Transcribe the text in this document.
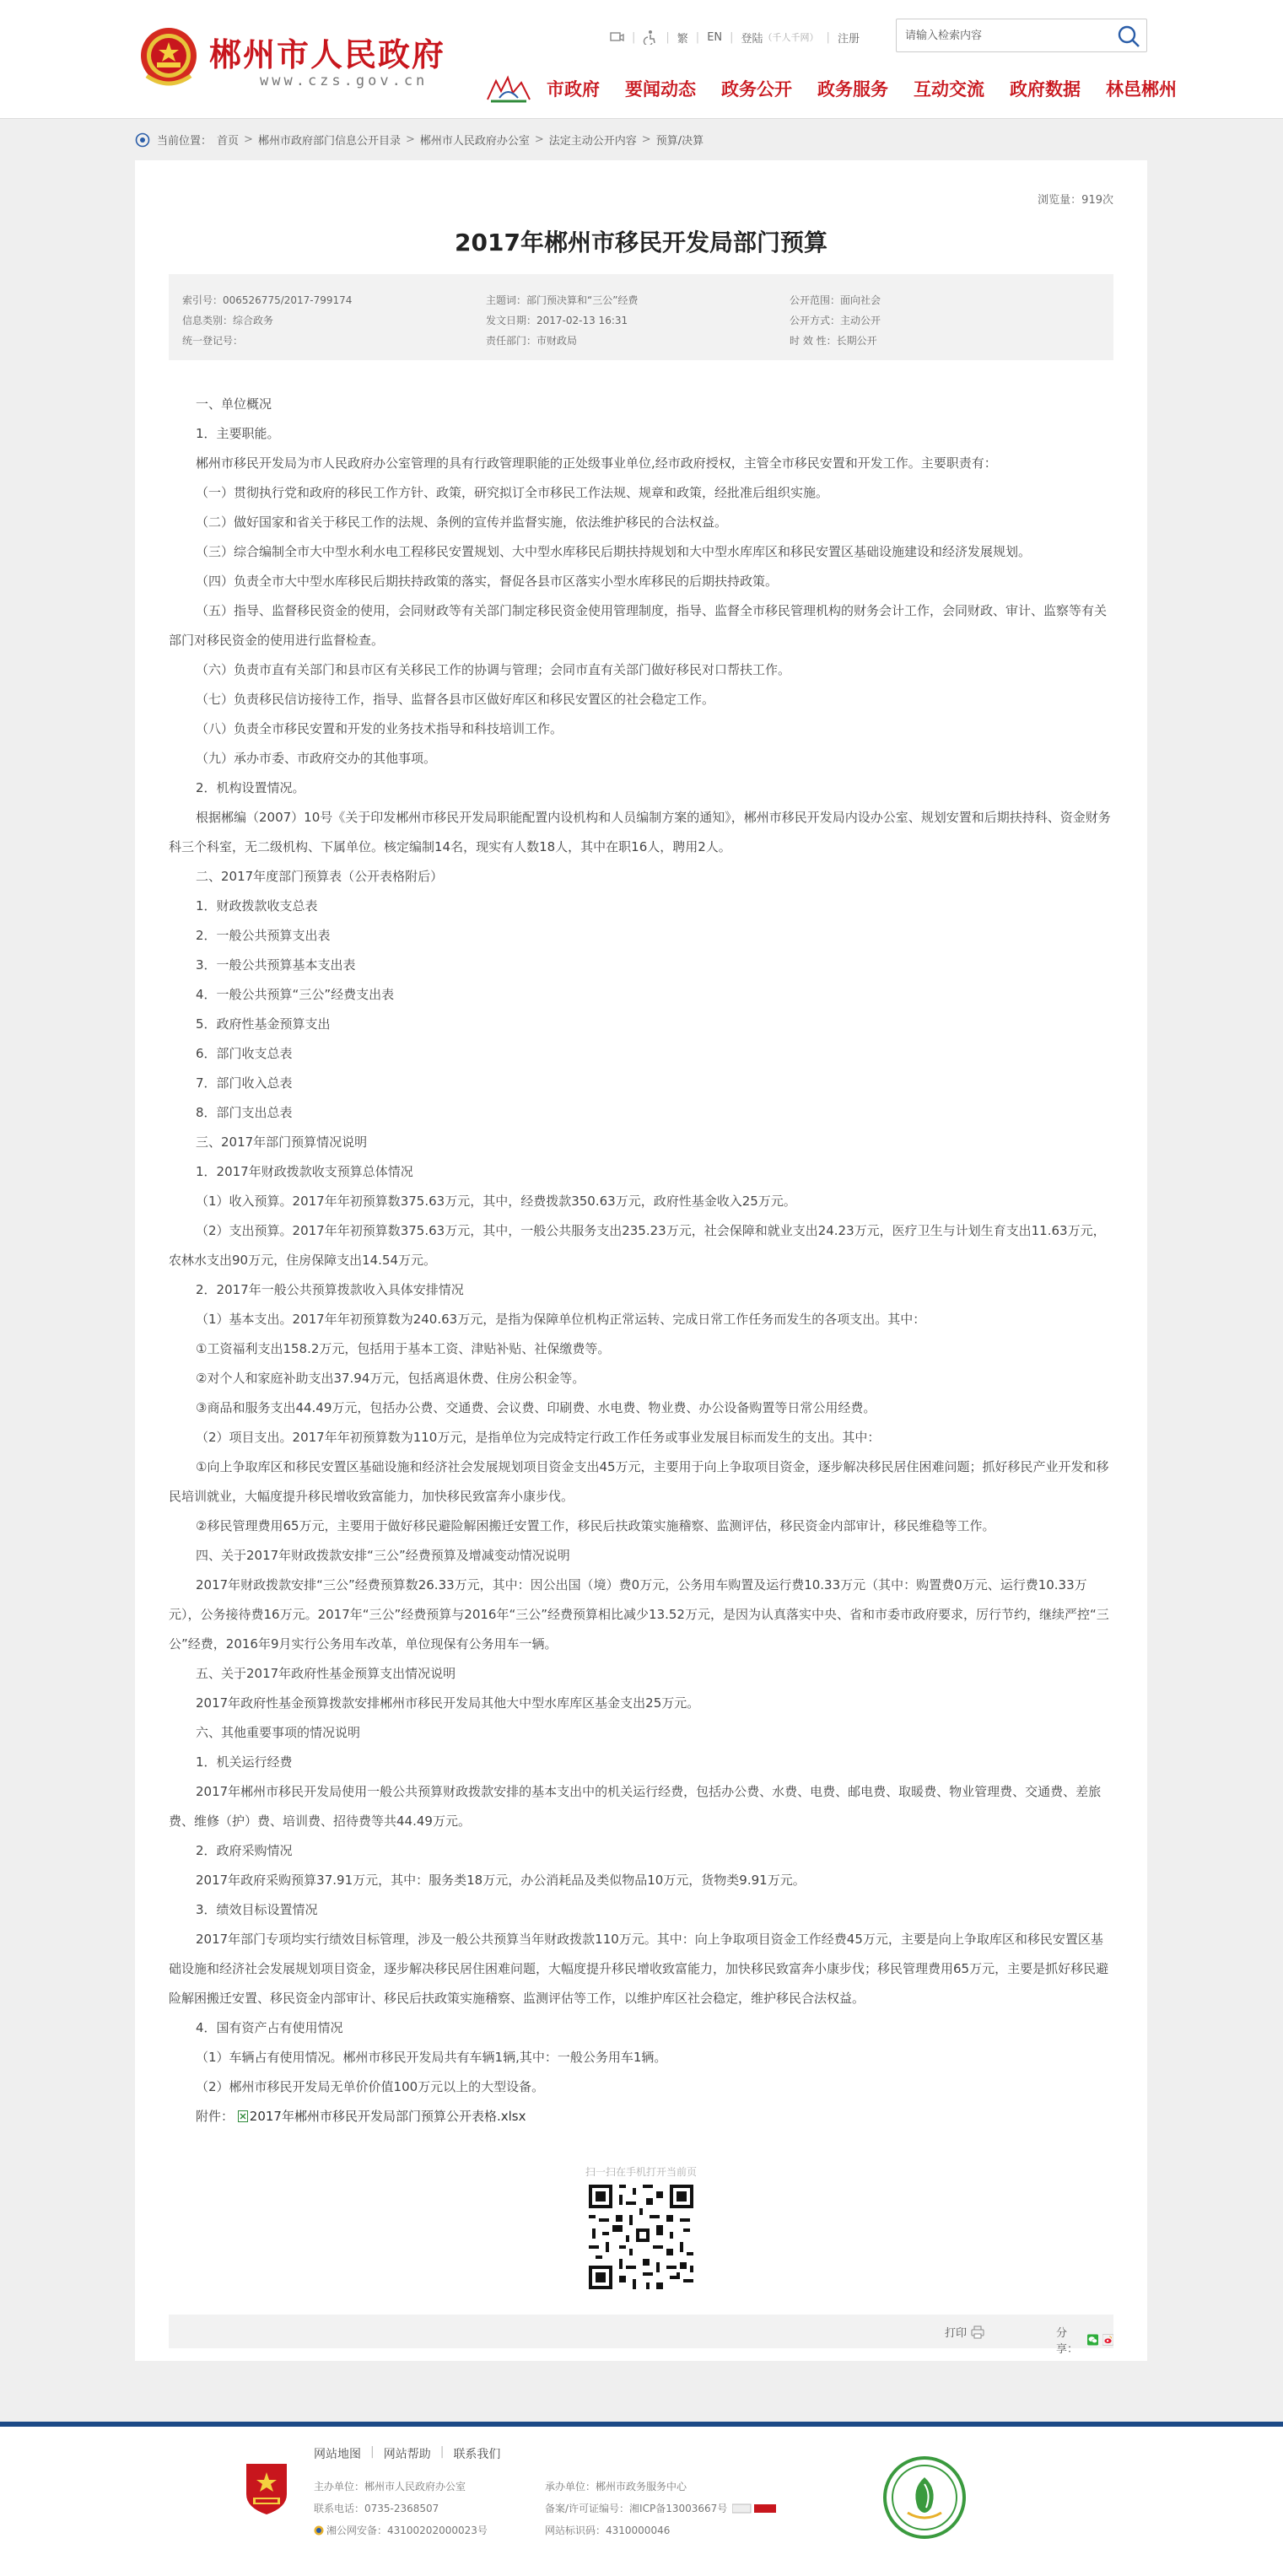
郴州市人民政府
www.czs.gov.cn
|	| 繁 | EN | 登陆 （千人千网） | 注册
请输入检索内容
市政府 要闻动态 政务公开 政务服务 互动交流 政府数据 林邑郴州
当前位置： 首页 > 郴州市政府部门信息公开目录 > 郴州市人民政府办公室 > 法定主动公开内容 > 预算/决算
浏览量：919次
2017年郴州市移民开发局部门预算
索引号：006526775/2017-799174
信息类别：综合政务
统一登记号：
主题词：部门预决算和“三公”经费
发文日期：2017-02-13 16:31
责任部门：市财政局
公开范围：面向社会
公开方式：主动公开
时 效 性：长期公开

一、单位概况

1．主要职能。

郴州市移民开发局为市人民政府办公室管理的具有行政管理职能的正处级事业单位,经市政府授权，主管全市移民安置和开发工作。主要职责有：

（一）贯彻执行党和政府的移民工作方针、政策，研究拟订全市移民工作法规、规章和政策，经批准后组织实施。

（二）做好国家和省关于移民工作的法规、条例的宣传并监督实施，依法维护移民的合法权益。

（三）综合编制全市大中型水利水电工程移民安置规划、大中型水库移民后期扶持规划和大中型水库库区和移民安置区基础设施建设和经济发展规划。

（四）负责全市大中型水库移民后期扶持政策的落实，督促各县市区落实小型水库移民的后期扶持政策。

（五）指导、监督移民资金的使用，会同财政等有关部门制定移民资金使用管理制度，指导、监督全市移民管理机构的财务会计工作，会同财政、审计、监察等有关部门对移民资金的使用进行监督检查。

（六）负责市直有关部门和县市区有关移民工作的协调与管理；会同市直有关部门做好移民对口帮扶工作。

（七）负责移民信访接待工作，指导、监督各县市区做好库区和移民安置区的社会稳定工作。

（八）负责全市移民安置和开发的业务技术指导和科技培训工作。

（九）承办市委、市政府交办的其他事项。

2．机构设置情况。

根据郴编（2007）10号《关于印发郴州市移民开发局职能配置内设机构和人员编制方案的通知》，郴州市移民开发局内设办公室、规划安置和后期扶持科、资金财务科三个科室，无二级机构、下属单位。核定编制14名，现实有人数18人，其中在职16人，聘用2人。

二、2017年度部门预算表（公开表格附后）

1．财政拨款收支总表

2．一般公共预算支出表

3．一般公共预算基本支出表

4．一般公共预算“三公”经费支出表

5．政府性基金预算支出

6．部门收支总表

7．部门收入总表

8．部门支出总表

三、2017年部门预算情况说明

1．2017年财政拨款收支预算总体情况

（1）收入预算。2017年年初预算数375.63万元，其中，经费拨款350.63万元，政府性基金收入25万元。

（2）支出预算。2017年年初预算数375.63万元，其中，一般公共服务支出235.23万元，社会保障和就业支出24.23万元，医疗卫生与计划生育支出11.63万元，农林水支出90万元，住房保障支出14.54万元。

2．2017年一般公共预算拨款收入具体安排情况

（1）基本支出。2017年年初预算数为240.63万元，是指为保障单位机构正常运转、完成日常工作任务而发生的各项支出。其中：

①工资福利支出158.2万元，包括用于基本工资、津贴补贴、社保缴费等。

②对个人和家庭补助支出37.94万元，包括离退休费、住房公积金等。

③商品和服务支出44.49万元，包括办公费、交通费、会议费、印刷费、水电费、物业费、办公设备购置等日常公用经费。

（2）项目支出。2017年年初预算数为110万元，是指单位为完成特定行政工作任务或事业发展目标而发生的支出。其中：

①向上争取库区和移民安置区基础设施和经济社会发展规划项目资金支出45万元，主要用于向上争取项目资金，逐步解决移民居住困难问题；抓好移民产业开发和移民培训就业，大幅度提升移民增收致富能力，加快移民致富奔小康步伐。

②移民管理费用65万元，主要用于做好移民避险解困搬迁安置工作，移民后扶政策实施稽察、监测评估，移民资金内部审计，移民维稳等工作。

四、关于2017年财政拨款安排“三公”经费预算及增减变动情况说明

2017年财政拨款安排“三公”经费预算数26.33万元，其中：因公出国（境）费0万元，公务用车购置及运行费10.33万元（其中：购置费0万元、运行费10.33万元），公务接待费16万元。2017年“三公”经费预算与2016年“三公”经费预算相比减少13.52万元，是因为认真落实中央、省和市委市政府要求，厉行节约，继续严控“三公”经费，2016年9月实行公务用车改革，单位现保有公务用车一辆。

五、关于2017年政府性基金预算支出情况说明

2017年政府性基金预算拨款安排郴州市移民开发局其他大中型水库库区基金支出25万元。

六、其他重要事项的情况说明

1．机关运行经费

2017年郴州市移民开发局使用一般公共预算财政拨款安排的基本支出中的机关运行经费，包括办公费、水费、电费、邮电费、取暖费、物业管理费、交通费、差旅费、维修（护）费、培训费、招待费等共44.49万元。

2．政府采购情况

2017年政府采购预算37.91万元，其中：服务类18万元，办公消耗品及类似物品10万元，货物类9.91万元。

3．绩效目标设置情况

2017年部门专项均实行绩效目标管理，涉及一般公共预算当年财政拨款110万元。其中：向上争取项目资金工作经费45万元，主要是向上争取库区和移民安置区基础设施和经济社会发展规划项目资金，逐步解决移民居住困难问题，大幅度提升移民增收致富能力，加快移民致富奔小康步伐；移民管理费用65万元，主要是抓好移民避险解困搬迁安置、移民资金内部审计、移民后扶政策实施稽察、监测评估等工作，以维护库区社会稳定，维护移民合法权益。

4．国有资产占有使用情况

（1）车辆占有使用情况。郴州市移民开发局共有车辆1辆,其中：一般公务用车1辆。

（2）郴州市移民开发局无单价价值100万元以上的大型设备。

附件： 2017年郴州市移民开发局部门预算公开表格.xlsx

扫一扫在手机打开当前页
打印	分享：
网站地图 | 网站帮助 | 联系我们
主办单位：郴州市人民政府办公室
联系电话：0735-2368507
湘公网安备：43100202000023号
承办单位：郴州市政务服务中心
备案/许可证编号：湘ICP备13003667号
网站标识码：4310000046
